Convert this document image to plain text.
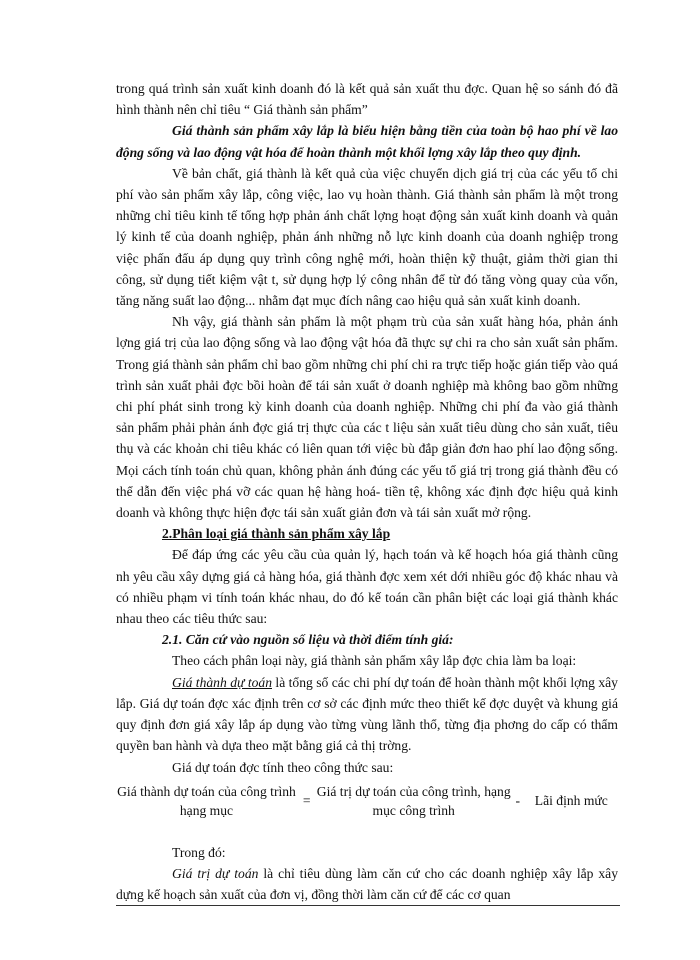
trong quá trình sản xuất kinh doanh đó là kết quả sản xuất thu đợc. Quan hệ so sánh đó đã hình thành nên chỉ tiêu “ Giá thành sản phẩm”

Giá thành sản phẩm xây lắp là biểu hiện bằng tiền của toàn bộ hao phí về lao động sống và lao động vật hóa để hoàn thành một khối lợng xây lắp theo quy định.

Về bản chất, giá thành là kết quả của việc chuyển dịch giá trị của các yếu tố chi phí vào sản phẩm xây lắp, công việc, lao vụ hoàn thành. Giá thành sản phẩm là một trong những chỉ tiêu kinh tế tổng hợp phản ánh chất lợng hoạt động sản xuất kinh doanh và quản lý kinh tế của doanh nghiệp, phản ánh những nỗ lực kinh doanh của doanh nghiệp trong việc phấn đấu áp dụng quy trình công nghệ mới, hoàn thiện kỹ thuật, giảm thời gian thi công, sử dụng tiết kiệm vật t, sử dụng hợp lý công nhân để từ đó tăng vòng quay của vốn, tăng năng suất lao động... nhằm đạt mục đích nâng cao hiệu quả sản xuất kinh doanh.

Nh vậy, giá thành sản phẩm là một phạm trù của sản xuất hàng hóa, phản ánh lợng giá trị của lao động sống và lao động vật hóa đã thực sự chi ra cho sản xuất sản phẩm. Trong giá thành sản phẩm chỉ bao gồm những chi phí chi ra trực tiếp hoặc gián tiếp vào quá trình sản xuất phải đợc bồi hoàn để tái sản xuất ở doanh nghiệp mà không bao gồm những chi phí phát sinh trong kỳ kinh doanh của doanh nghiệp. Những chi phí đa vào giá thành sản phẩm phải phản ánh đợc giá trị thực của các t liệu sản xuất tiêu dùng cho sản xuất, tiêu thụ và các khoản chi tiêu khác có liên quan tới việc bù đắp giản đơn hao phí lao động sống. Mọi cách tính toán chủ quan, không phản ánh đúng các yếu tố giá trị trong giá thành đều có thể dẫn đến việc phá vỡ các quan hệ hàng hoá- tiền tệ, không xác định đợc hiệu quả kinh doanh và không thực hiện đợc tái sản xuất giản đơn và tái sản xuất mở rộng.

2.Phân loại giá thành sản phẩm xây lắp

Để đáp ứng các yêu cầu của quản lý, hạch toán và kế hoạch hóa giá thành cũng nh yêu cầu xây dựng giá cả hàng hóa, giá thành đợc xem xét dới nhiều góc độ khác nhau và có nhiều phạm vi tính toán khác nhau, do đó kế toán cần phân biệt các loại giá thành khác nhau theo các tiêu thức sau:

2.1. Căn cứ vào nguồn số liệu và thời điểm tính giá:

Theo cách phân loại này, giá thành sản phẩm xây lắp đợc chia làm ba loại:

Giá thành dự toán là tổng số các chi phí dự toán để hoàn thành một khối lợng xây lắp. Giá dự toán đợc xác định trên cơ sở các định mức theo thiết kế đợc duyệt và khung giá quy định đơn giá xây lắp áp dụng vào từng vùng lãnh thổ, từng địa phơng do cấp có thẩm quyền ban hành và dựa theo mặt bằng giá cả thị trờng.

Giá dự toán đợc tính theo công thức sau:

Giá thành dự toán của công trình hạng mục
=
Giá trị dự toán của công trình, hạng mục công trình
-	Lãi định mức

Trong đó:

Giá trị dự toán là chỉ tiêu dùng làm căn cứ cho các doanh nghiệp xây lắp xây dựng kế hoạch sản xuất của đơn vị, đồng thời làm căn cứ để các cơ quan
